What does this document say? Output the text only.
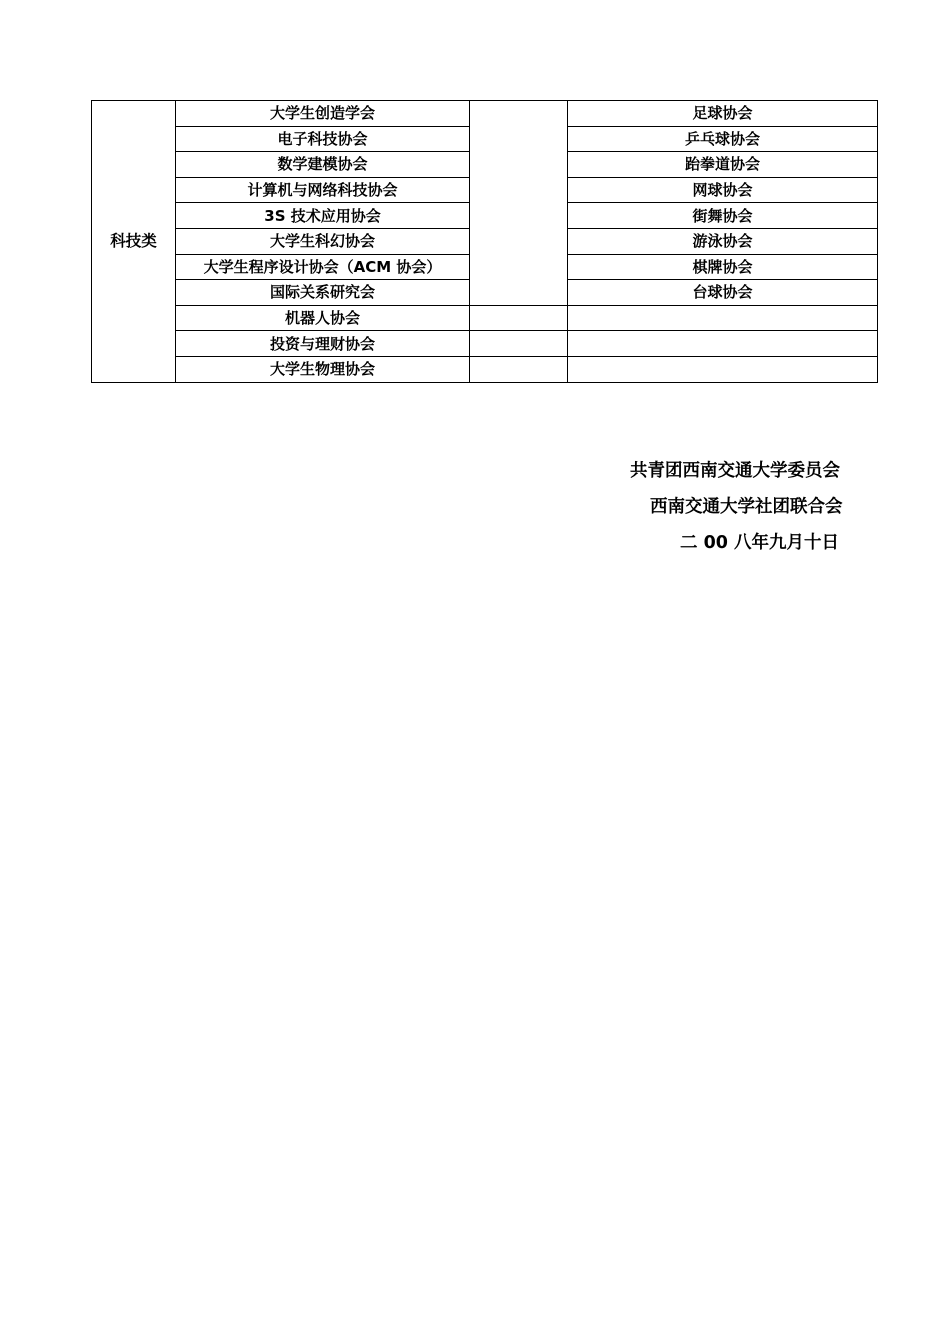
科技类	大学生创造学会		足球协会
	电子科技协会		乒乓球协会
	数学建模协会		跆拳道协会
	计算机与网络科技协会		网球协会
	3S 技术应用协会		街舞协会
	大学生科幻协会		游泳协会
	大学生程序设计协会（ACM 协会）		棋牌协会
	国际关系研究会		台球协会
	机器人协会		
	投资与理财协会		
	大学生物理协会		
共青团西南交通大学委员会
西南交通大学社团联合会
二 00 八年九月十日
